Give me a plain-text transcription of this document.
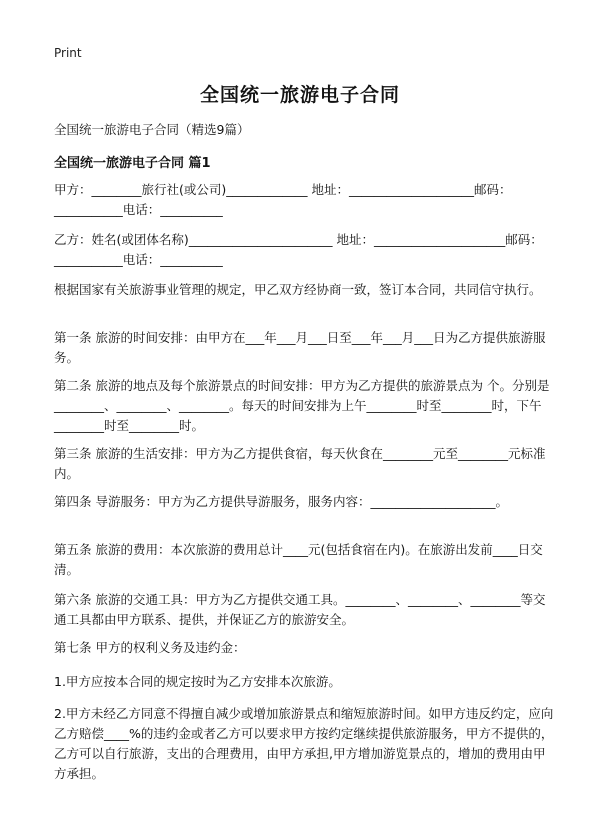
Print
全国统一旅游电子合同
全国统一旅游电子合同（精选9篇）
全国统一旅游电子合同 篇1
甲方：________旅行社(或公司)_____________ 地址：____________________邮码：___________电话：__________
乙方：姓名(或团体名称)_______________________ 地址：_____________________邮码：___________电话：__________
根据国家有关旅游事业管理的规定，甲乙双方经协商一致，签订本合同，共同信守执行。
第一条 旅游的时间安排：由甲方在___年___月___日至___年___月___日为乙方提供旅游服务。
第二条 旅游的地点及每个旅游景点的时间安排：甲方为乙方提供的旅游景点为 个。分别是________、________、________。每天的时间安排为上午________时至________时，下午________时至________时。
第三条 旅游的生活安排：甲方为乙方提供食宿，每天伙食在________元至________元标准内。
第四条 导游服务：甲方为乙方提供导游服务，服务内容：____________________。
第五条 旅游的费用：本次旅游的费用总计____元(包括食宿在内)。在旅游出发前____日交清。
第六条 旅游的交通工具：甲方为乙方提供交通工具。________、________、________等交通工具都由甲方联系、提供，并保证乙方的旅游安全。
第七条 甲方的权利义务及违约金：
1.甲方应按本合同的规定按时为乙方安排本次旅游。
2.甲方未经乙方同意不得擅自减少或增加旅游景点和缩短旅游时间。如甲方违反约定，应向乙方赔偿____%的违约金或者乙方可以要求甲方按约定继续提供旅游服务，甲方不提供的，乙方可以自行旅游，支出的合理费用，由甲方承担,甲方增加游览景点的，增加的费用由甲方承担。
